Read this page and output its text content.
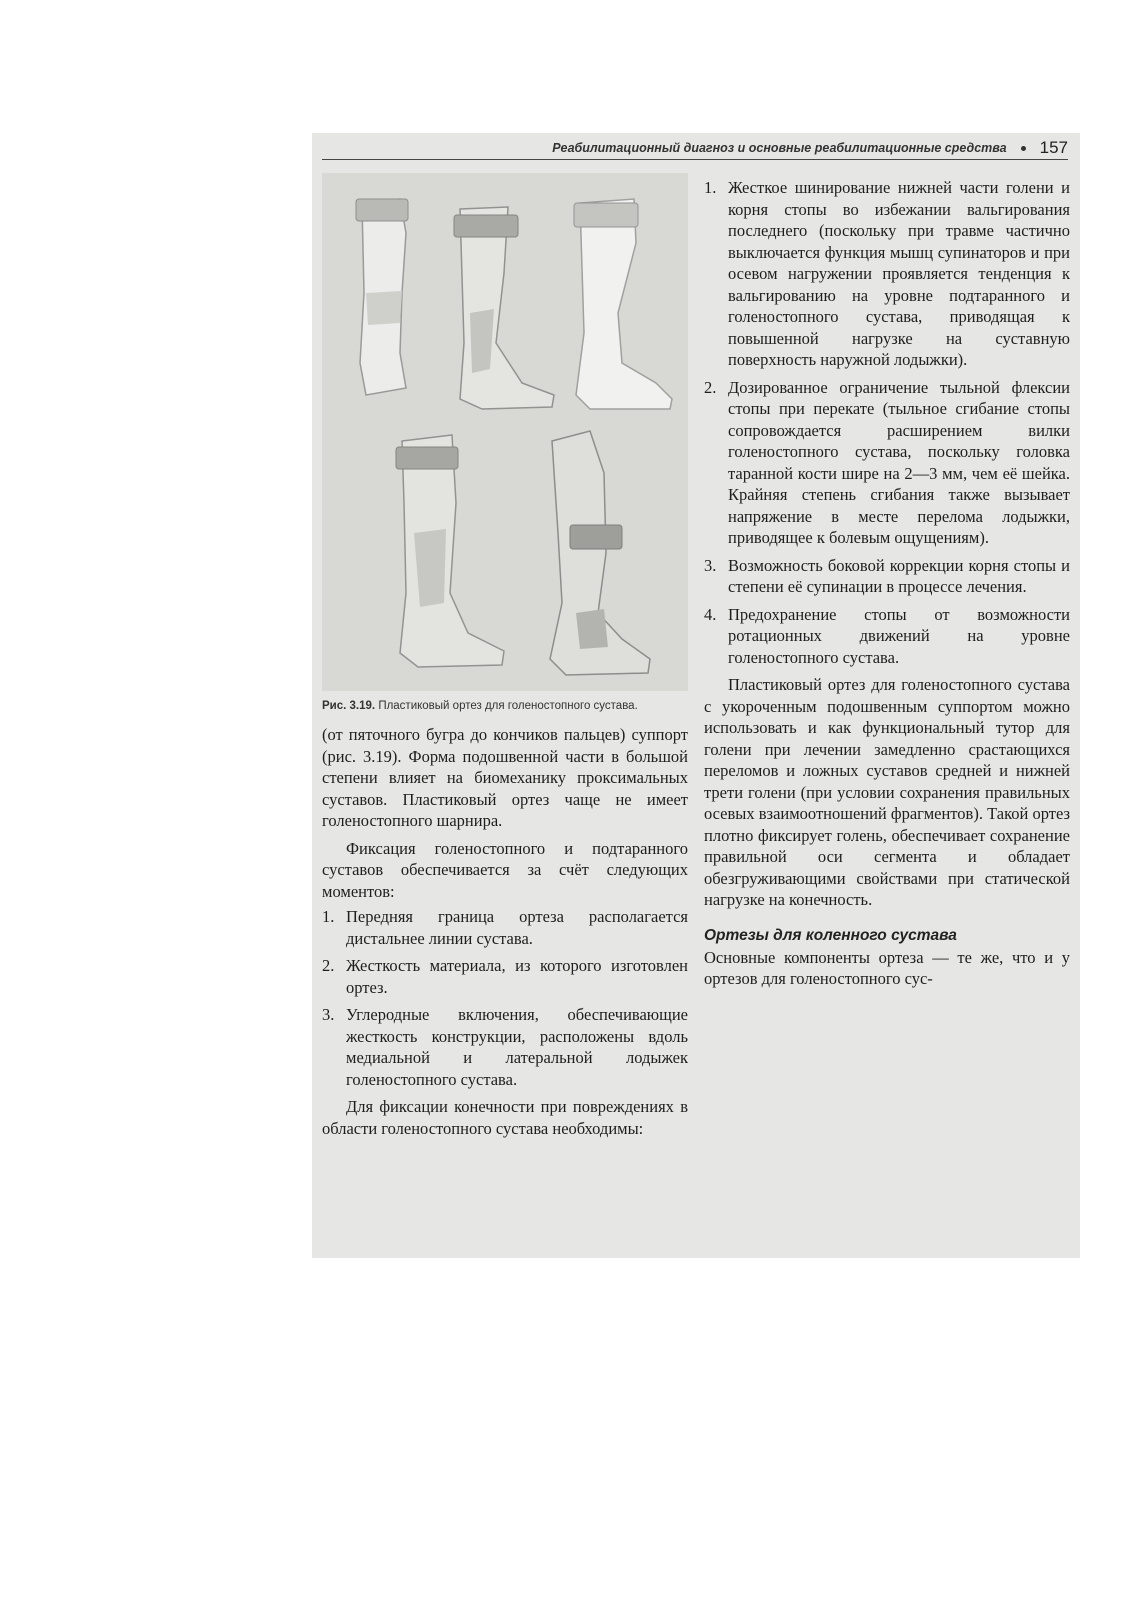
Реабилитационный диагноз и основные реабилитационные средства 157
Рис. 3.19. Пластиковый ортез для голеностопного сустава.

(от пяточного бугра до кончиков пальцев) суппорт (рис. 3.19). Форма подошвенной части в большой степени влияет на биомеханику проксимальных суставов. Пластиковый ортез чаще не имеет голеностопного шарнира.

Фиксация голеностопного и подтаранного суставов обеспечивается за счёт следующих моментов:

1. Передняя граница ортеза располагается дистальнее линии сустава.
2. Жесткость материала, из которого изготовлен ортез.
3. Углеродные включения, обеспечивающие жесткость конструкции, расположены вдоль медиальной и латеральной лодыжек голеностопного сустава.

Для фиксации конечности при повреждениях в области голеностопного сустава необходимы:

1. Жесткое шинирование нижней части голени и корня стопы во избежании вальгирования последнего (поскольку при травме частично выключается функция мышц супинаторов и при осевом нагружении проявляется тенденция к вальгированию на уровне подтаранного и голеностопного сустава, приводящая к повышенной нагрузке на суставную поверхность наружной лодыжки).
2. Дозированное ограничение тыльной флексии стопы при перекате (тыльное сгибание стопы сопровождается расширением вилки голеностопного сустава, поскольку головка таранной кости шире на 2—3 мм, чем её шейка. Крайняя степень сгибания также вызывает напряжение в месте перелома лодыжки, приводящее к болевым ощущениям).
3. Возможность боковой коррекции корня стопы и степени её супинации в процессе лечения.
4. Предохранение стопы от возможности ротационных движений на уровне голеностопного сустава.

Пластиковый ортез для голеностопного сустава с укороченным подошвенным суппортом можно использовать и как функциональный тутор для голени при лечении замедленно срастающихся переломов и ложных суставов средней и нижней трети голени (при условии сохранения правильных осевых взаимоотношений фрагментов). Такой ортез плотно фиксирует голень, обеспечивает сохранение правильной оси сегмента и обладает обезгруживающими свойствами при статической нагрузке на конечность.

Ортезы для коленного сустава

Основные компоненты ортеза — те же, что и у ортезов для голеностопного сус-
